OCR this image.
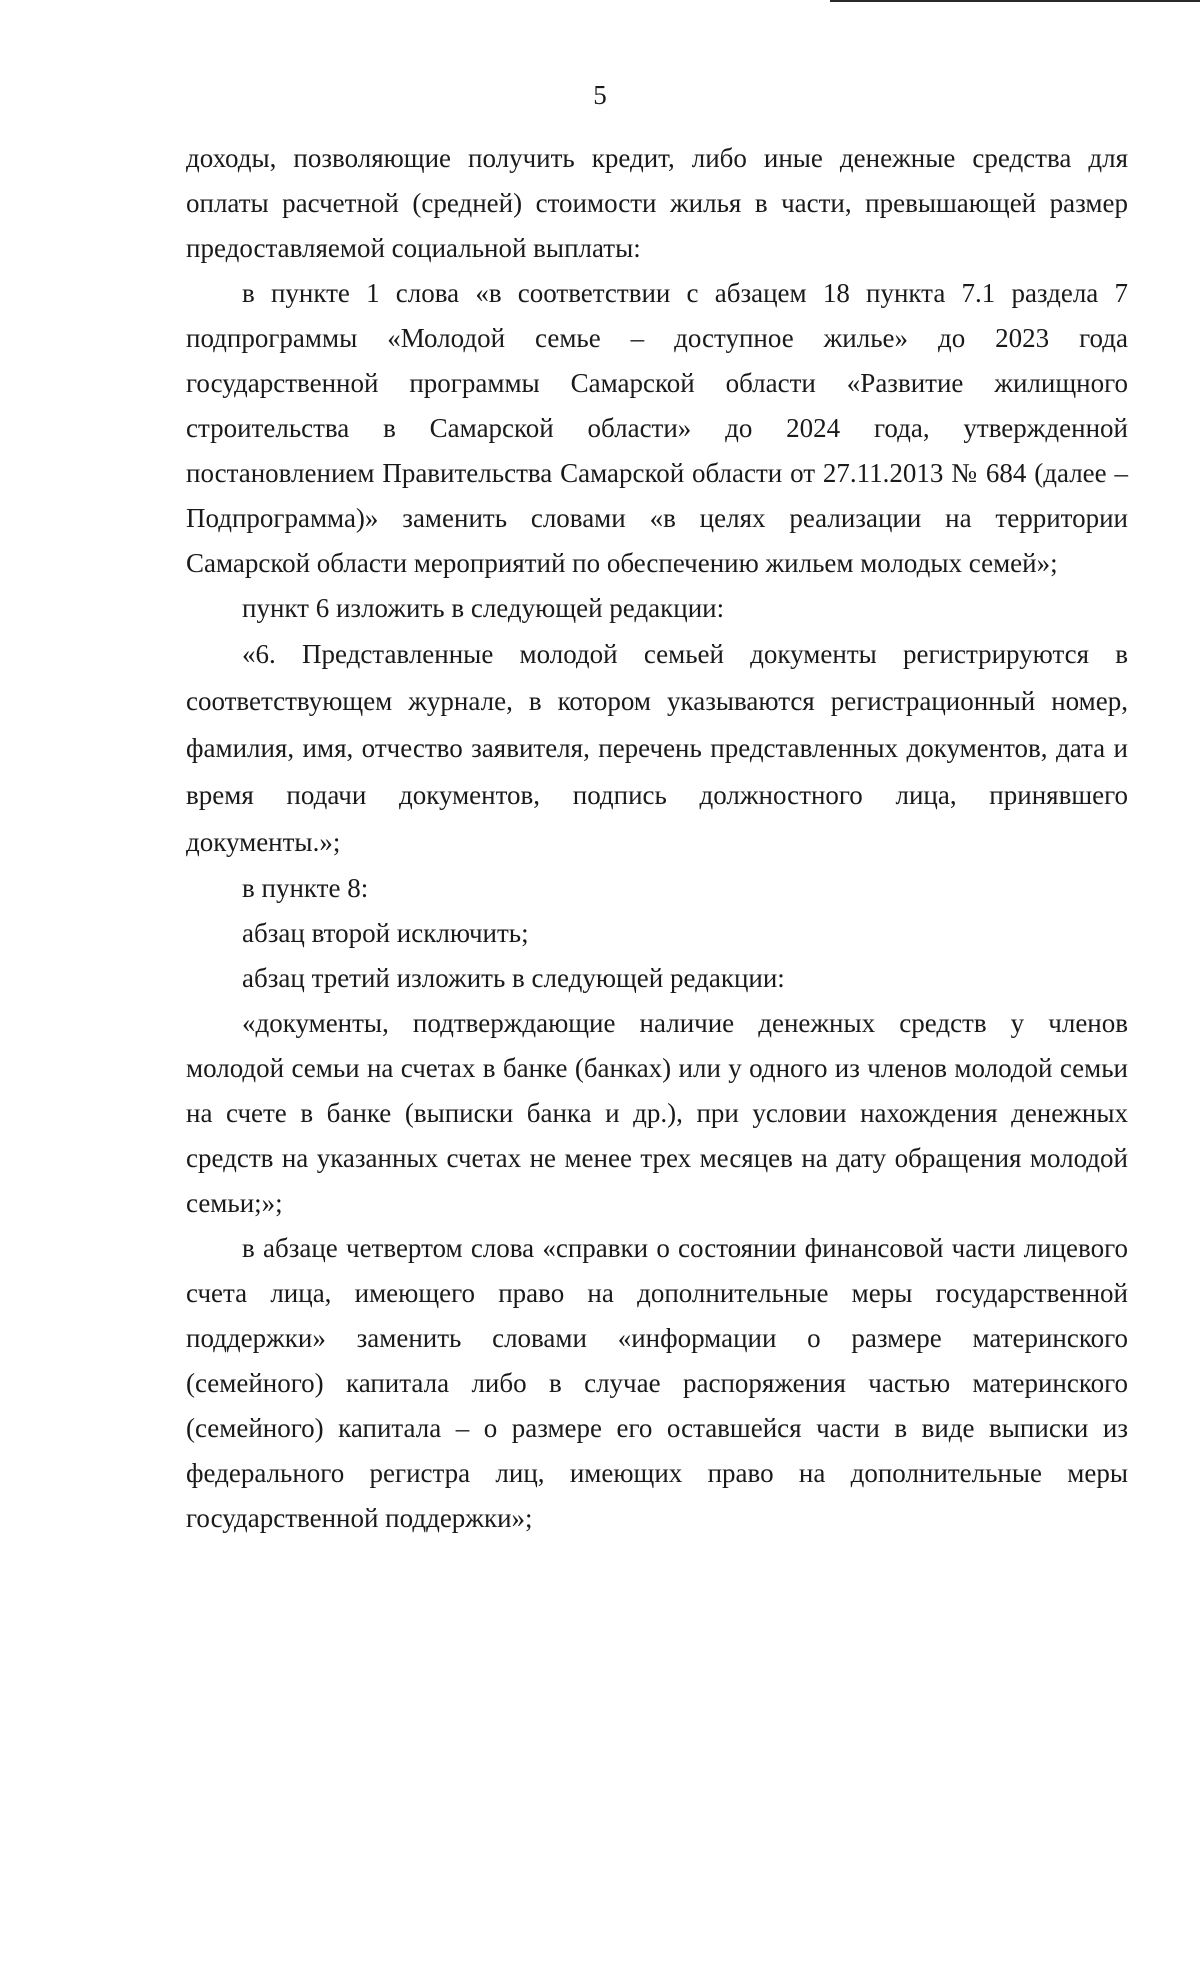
5

доходы, позволяющие получить кредит, либо иные денежные средства для оплаты расчетной (средней) стоимости жилья в части, превышающей размер предоставляемой социальной выплаты:

в пункте 1 слова «в соответствии с абзацем 18 пункта 7.1 раздела 7 подпрограммы «Молодой семье – доступное жилье» до 2023 года государственной программы Самарской области «Развитие жилищного строительства в Самарской области» до 2024 года, утвержденной постановлением Правительства Самарской области от 27.11.2013 № 684 (далее – Подпрограмма)» заменить словами «в целях реализации на территории Самарской области мероприятий по обеспечению жильем молодых семей»;

пункт 6 изложить в следующей редакции:

«6. Представленные молодой семьей документы регистрируются в соответствующем журнале, в котором указываются регистрационный номер, фамилия, имя, отчество заявителя, перечень представленных документов, дата и время подачи документов, подпись должностного лица, принявшего документы.»;

в пункте 8:

абзац второй исключить;

абзац третий изложить в следующей редакции:

«документы, подтверждающие наличие денежных средств у членов молодой семьи на счетах в банке (банках) или у одного из членов молодой семьи на счете в банке (выписки банка и др.), при условии нахождения денежных средств на указанных счетах не менее трех месяцев на дату обращения молодой семьи;»;

в абзаце четвертом слова «справки о состоянии финансовой части лицевого счета лица, имеющего право на дополнительные меры государственной поддержки» заменить словами «информации о размере материнского (семейного) капитала либо в случае распоряжения частью материнского (семейного) капитала – о размере его оставшейся части в виде выписки из федерального регистра лиц, имеющих право на дополнительные меры государственной поддержки»;
